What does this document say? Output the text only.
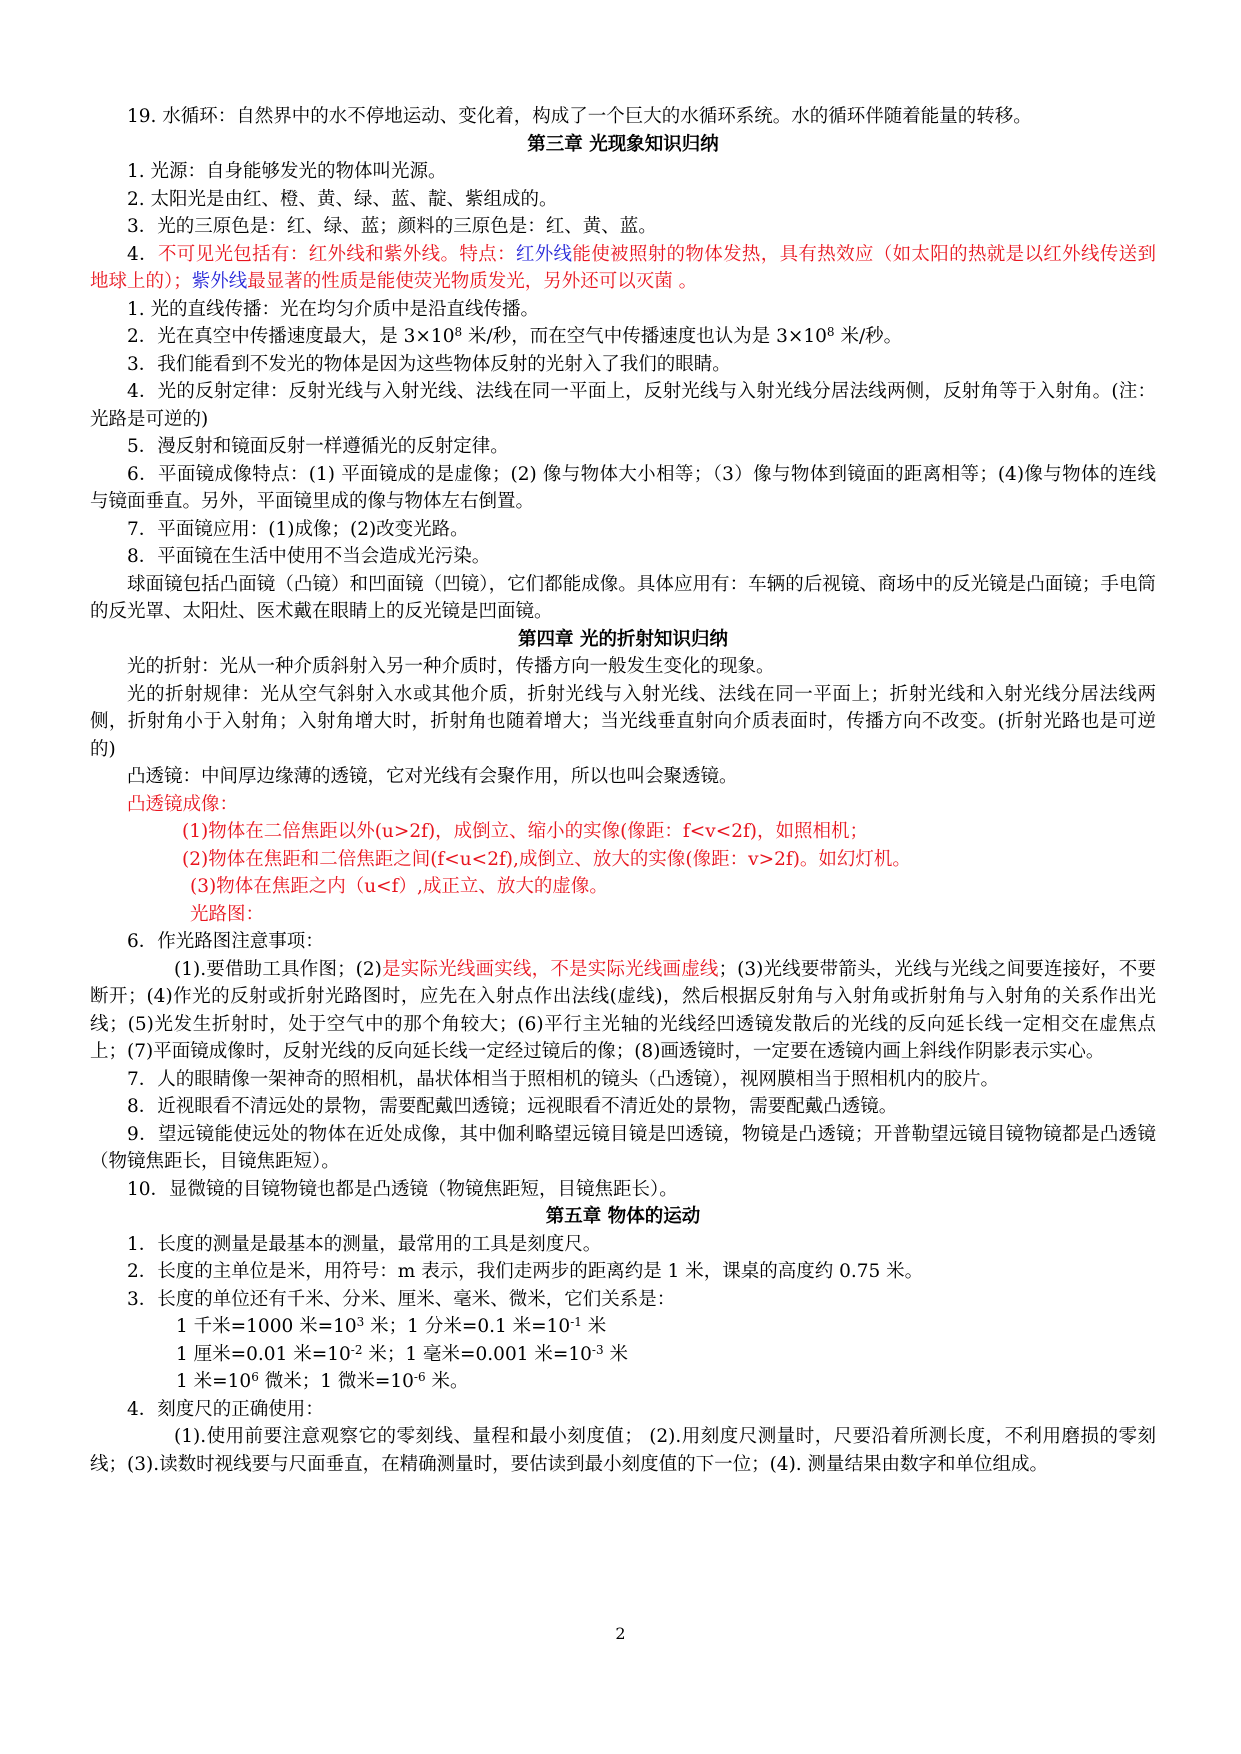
19. 水循环：自然界中的水不停地运动、变化着，构成了一个巨大的水循环系统。水的循环伴随着能量的转移。

第三章 光现象知识归纳

1. 光源：自身能够发光的物体叫光源。

2. 太阳光是由红、橙、黄、绿、蓝、靛、紫组成的。

3．光的三原色是：红、绿、蓝；颜料的三原色是：红、黄、蓝。

4．不可见光包括有：红外线和紫外线。特点：红外线能使被照射的物体发热，具有热效应（如太阳的热就是以红外线传送到地球上的）；紫外线最显著的性质是能使荧光物质发光，另外还可以灭菌 。

1. 光的直线传播：光在均匀介质中是沿直线传播。

2．光在真空中传播速度最大，是 $3\times 10^8$ 米/秒，而在空气中传播速度也认为是 $3\times 10^8$ 米/秒。

3．我们能看到不发光的物体是因为这些物体反射的光射入了我们的眼睛。

4．光的反射定律：反射光线与入射光线、法线在同一平面上，反射光线与入射光线分居法线两侧，反射角等于入射角。(注：光路是可逆的)

5．漫反射和镜面反射一样遵循光的反射定律。

6．平面镜成像特点：(1) 平面镜成的是虚像；(2) 像与物体大小相等；（3）像与物体到镜面的距离相等；(4)像与物体的连线与镜面垂直。另外，平面镜里成的像与物体左右倒置。

7．平面镜应用：(1)成像；(2)改变光路。

8．平面镜在生活中使用不当会造成光污染。

球面镜包括凸面镜（凸镜）和凹面镜（凹镜），它们都能成像。具体应用有：车辆的后视镜、商场中的反光镜是凸面镜；手电筒的反光罩、太阳灶、医术戴在眼睛上的反光镜是凹面镜。

第四章 光的折射知识归纳

光的折射：光从一种介质斜射入另一种介质时，传播方向一般发生变化的现象。

光的折射规律：光从空气斜射入水或其他介质，折射光线与入射光线、法线在同一平面上；折射光线和入射光线分居法线两侧，折射角小于入射角；入射角增大时，折射角也随着增大；当光线垂直射向介质表面时，传播方向不改变。(折射光路也是可逆的)

凸透镜：中间厚边缘薄的透镜，它对光线有会聚作用，所以也叫会聚透镜。

凸透镜成像：

(1)物体在二倍焦距以外(u>2f)，成倒立、缩小的实像(像距：f<v<2f)，如照相机；

(2)物体在焦距和二倍焦距之间(f<u<2f),成倒立、放大的实像(像距：v>2f)。如幻灯机。

(3)物体在焦距之内（u<f）,成正立、放大的虚像。

光路图：

6．作光路图注意事项：

(1).要借助工具作图；(2)是实际光线画实线，不是实际光线画虚线；(3)光线要带箭头，光线与光线之间要连接好，不要断开；(4)作光的反射或折射光路图时，应先在入射点作出法线(虚线)，然后根据反射角与入射角或折射角与入射角的关系作出光线；(5)光发生折射时，处于空气中的那个角较大；(6)平行主光轴的光线经凹透镜发散后的光线的反向延长线一定相交在虚焦点上；(7)平面镜成像时，反射光线的反向延长线一定经过镜后的像；(8)画透镜时，一定要在透镜内画上斜线作阴影表示实心。

7．人的眼睛像一架神奇的照相机，晶状体相当于照相机的镜头（凸透镜），视网膜相当于照相机内的胶片。

8．近视眼看不清远处的景物，需要配戴凹透镜；远视眼看不清近处的景物，需要配戴凸透镜。

9．望远镜能使远处的物体在近处成像，其中伽利略望远镜目镜是凹透镜，物镜是凸透镜；开普勒望远镜目镜物镜都是凸透镜（物镜焦距长，目镜焦距短）。

10．显微镜的目镜物镜也都是凸透镜（物镜焦距短，目镜焦距长）。

第五章 物体的运动

1．长度的测量是最基本的测量，最常用的工具是刻度尺。

2．长度的主单位是米，用符号：m 表示，我们走两步的距离约是 1 米，课桌的高度约 0.75 米。

3．长度的单位还有千米、分米、厘米、毫米、微米，它们关系是：

1 千米=1000 米$=10^3$ 米；1 分米=0.1 米$=10^{-1}$ 米

1 厘米=0.01 米$=10^{-2}$ 米；1 毫米=0.001 米$=10^{-3}$ 米

1 米$=10^6$ 微米；1 微米$=10^{-6}$ 米。

4．刻度尺的正确使用：

(1).使用前要注意观察它的零刻线、量程和最小刻度值； (2).用刻度尺测量时，尺要沿着所测长度，不利用磨损的零刻线；(3).读数时视线要与尺面垂直，在精确测量时，要估读到最小刻度值的下一位；(4). 测量结果由数字和单位组成。

2
